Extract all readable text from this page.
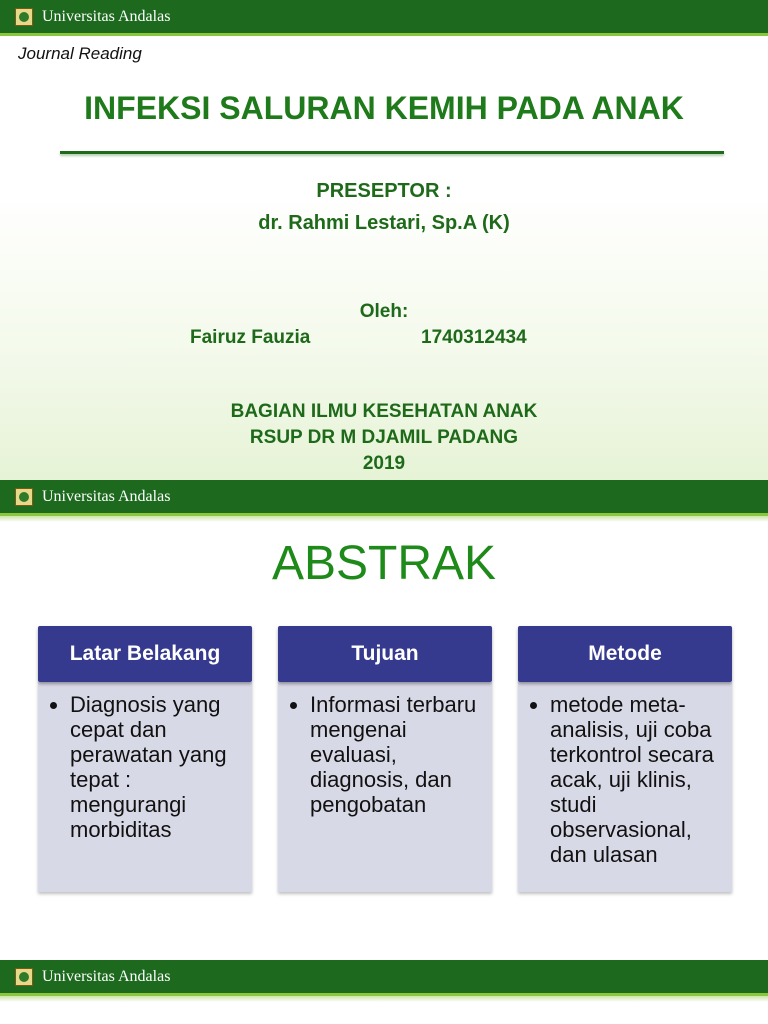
Universitas Andalas
Journal Reading
INFEKSI SALURAN KEMIH PADA ANAK
PRESEPTOR :
dr. Rahmi Lestari, Sp.A (K)
Oleh:
Fairuz Fauzia	1740312434
BAGIAN ILMU KESEHATAN ANAK
RSUP DR M DJAMIL PADANG
2019
Universitas Andalas
ABSTRAK
Latar Belakang
• Diagnosis yang cepat dan perawatan yang tepat : mengurangi morbiditas
Tujuan
• Informasi terbaru mengenai evaluasi, diagnosis, dan pengobatan
Metode
• metode meta-analisis, uji coba terkontrol secara acak, uji klinis, studi observasional, dan ulasan
Universitas Andalas
